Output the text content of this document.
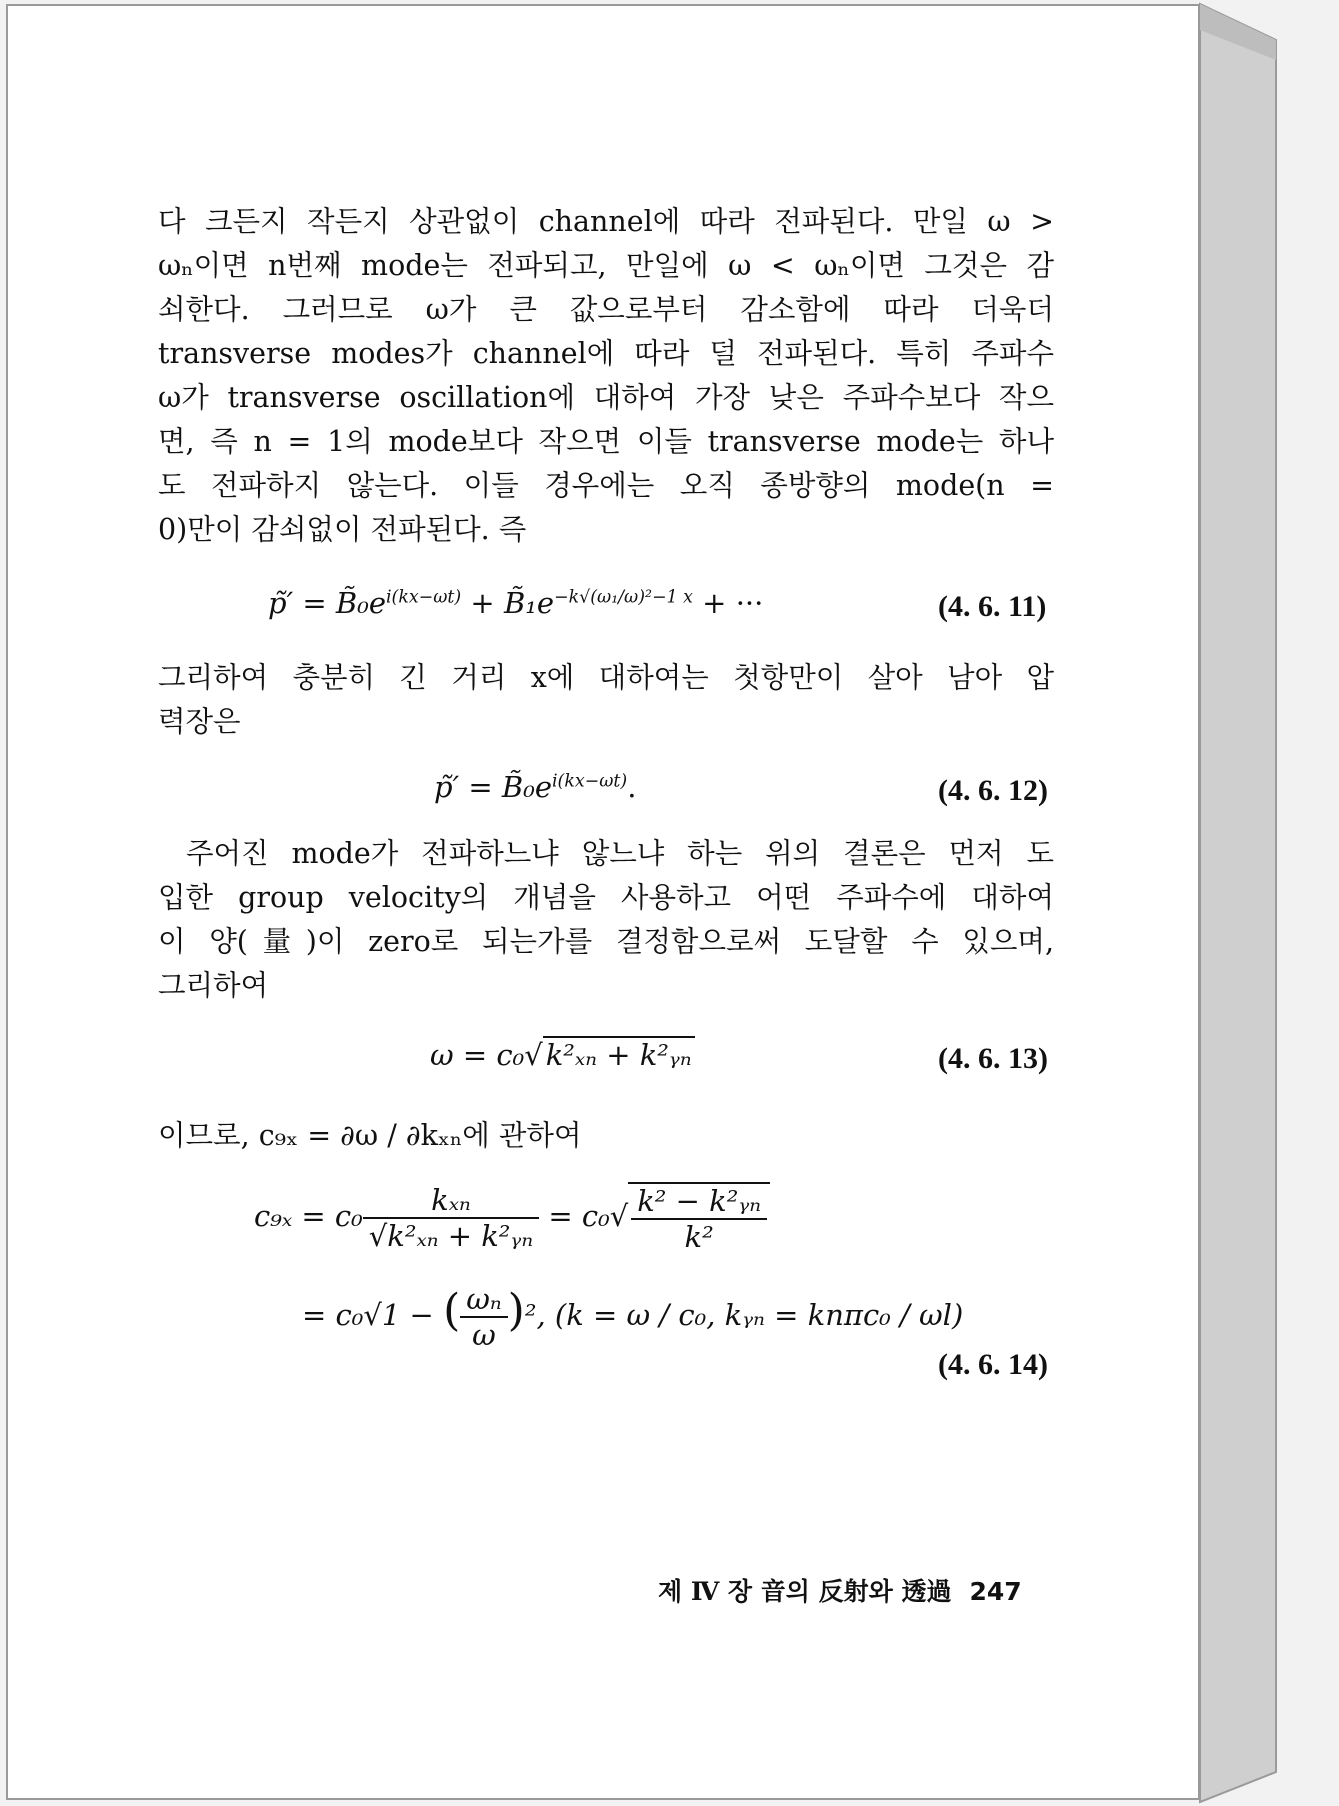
다 크든지 작든지 상관없이 channel에 따라 전파된다. 만일 ω >
ωₙ이면 n번째 mode는 전파되고, 만일에 ω < ωₙ이면 그것은 감
쇠한다. 그러므로 ω가 큰 값으로부터 감소함에 따라 더욱더
transverse modes가 channel에 따라 덜 전파된다. 특히 주파수
ω가 transverse oscillation에 대하여 가장 낮은 주파수보다 작으
면, 즉 n = 1의 mode보다 작으면 이들 transverse mode는 하나
도 전파하지 않는다. 이들 경우에는 오직 종방향의 mode(n =
0)만이 감쇠없이 전파된다. 즉
p̃′ = $B̃_0e^{i(kx-\omega t)}$ + $B̃_1e^{-k√(\omega_1/\omega)^2-1 x}$ + ···	(4. 6. 11)
그리하여 충분히 긴 거리 x에 대하여는 첫항만이 살아 남아 압
력장은
p̃′ = $B̃_0e^{i(kx-\omega t)}$.	(4. 6. 12)
주어진 mode가 전파하느냐 않느냐 하는 위의 결론은 먼저 도
입한 group velocity의 개념을 사용하고 어떤 주파수에 대하여
이 양(量)이 zero로 되는가를 결정함으로써 도달할 수 있으며,
그리하여
ω = c₀√ k²ₓₙ + k²ᵧₙ	(4. 6. 13)
이므로, c₉ₓ = ∂ω / ∂kₓₙ에 관하여
$c_{9x} = c_0 \frac{\text{kₓₙ}}{\text{√k²ₓₙ + k²ᵧₙ}} = c_0√ \frac{\text{k² − k²ᵧₙ}}{\text{k²}}$
= c₀√1 − ( $\frac{\text{ωₙ}}{\omega} )^2$, (k = ω / c₀, kᵧₙ = knπc₀ / ωl)
(4. 6. 14)
제 Ⅳ 장 音의 反射와 透過 247
